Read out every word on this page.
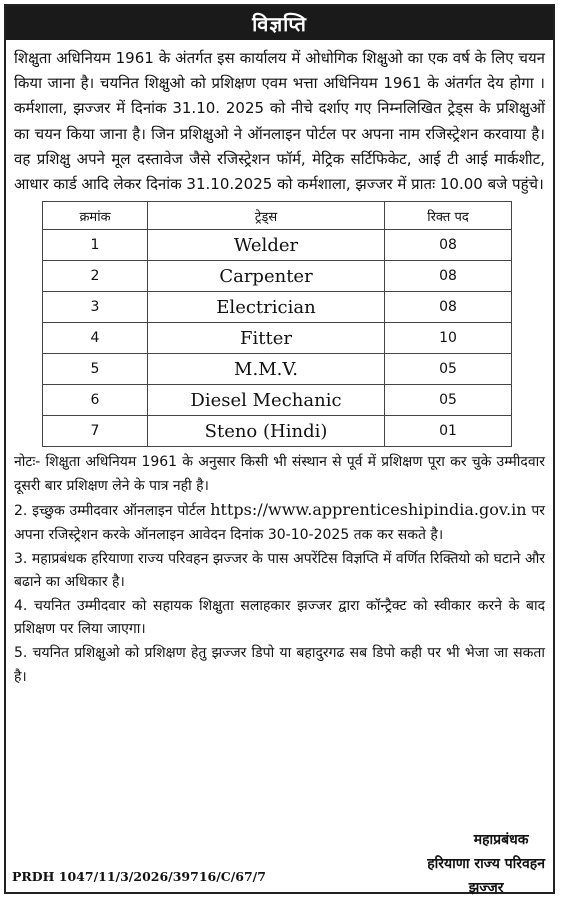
विज्ञप्ति
शिक्षुता अधिनियम 1961 के अंतर्गत इस कार्यालय में ओधोगिक शिक्षुओ का एक वर्ष के लिए चयन किया जाना है। चयनित शिक्षुओ को प्रशिक्षण एवम भत्ता अधिनियम 1961 के अंतर्गत देय होगा । कर्मशाला, झज्जर में दिनांक 31.10. 2025 को नीचे दर्शाए गए निम्नलिखित ट्रेड्स के प्रशिक्षुओं का चयन किया जाना है। जिन प्रशिक्षुओ ने ऑनलाइन पोर्टल पर अपना नाम रजिस्ट्रेशन करवाया है। वह प्रशिक्षु अपने मूल दस्तावेज जैसे रजिस्ट्रेशन फॉर्म, मेट्रिक सर्टिफिकेट, आई टी आई मार्कशीट, आधार कार्ड आदि लेकर दिनांक 31.10.2025 को कर्मशाला, झज्जर में प्रातः 10.00 बजे पहुंचे।
क्रमांक	ट्रेड्स	रिक्त पद
1	Welder	08
2	Carpenter	08
3	Electrician	08
4	Fitter	10
5	M.M.V.	05
6	Diesel Mechanic	05
7	Steno (Hindi)	01

नोटः- शिक्षुता अधिनियम 1961 के अनुसार किसी भी संस्थान से पूर्व में प्रशिक्षण पूरा कर चुके उम्मीदवार दूसरी बार प्रशिक्षण लेने के पात्र नही है।

2. इच्छुक उम्मीदवार ऑनलाइन पोर्टल https://www.apprenticeshipindia.gov.in पर अपना रजिस्ट्रेशन करके ऑनलाइन आवेदन दिनांक 30-10-2025 तक कर सकते है।

3. महाप्रबंधक हरियाणा राज्य परिवहन झज्जर के पास अपरेंटिस विज्ञप्ति में वर्णित रिक्तियो को घटाने और बढाने का अधिकार है।

4. चयनित उम्मीदवार को सहायक शिक्षुता सलाहकार झज्जर द्वारा कॉन्ट्रैक्ट को स्वीकार करने के बाद प्रशिक्षण पर लिया जाएगा।

5. चयनित प्रशिक्षुओ को प्रशिक्षण हेतु झज्जर डिपो या बहादुरगढ सब डिपो कही पर भी भेजा जा सकता है।

महाप्रबंधक
हरियाणा राज्य परिवहन
झज्जर
PRDH 1047/11/3/2026/39716/C/67/7
